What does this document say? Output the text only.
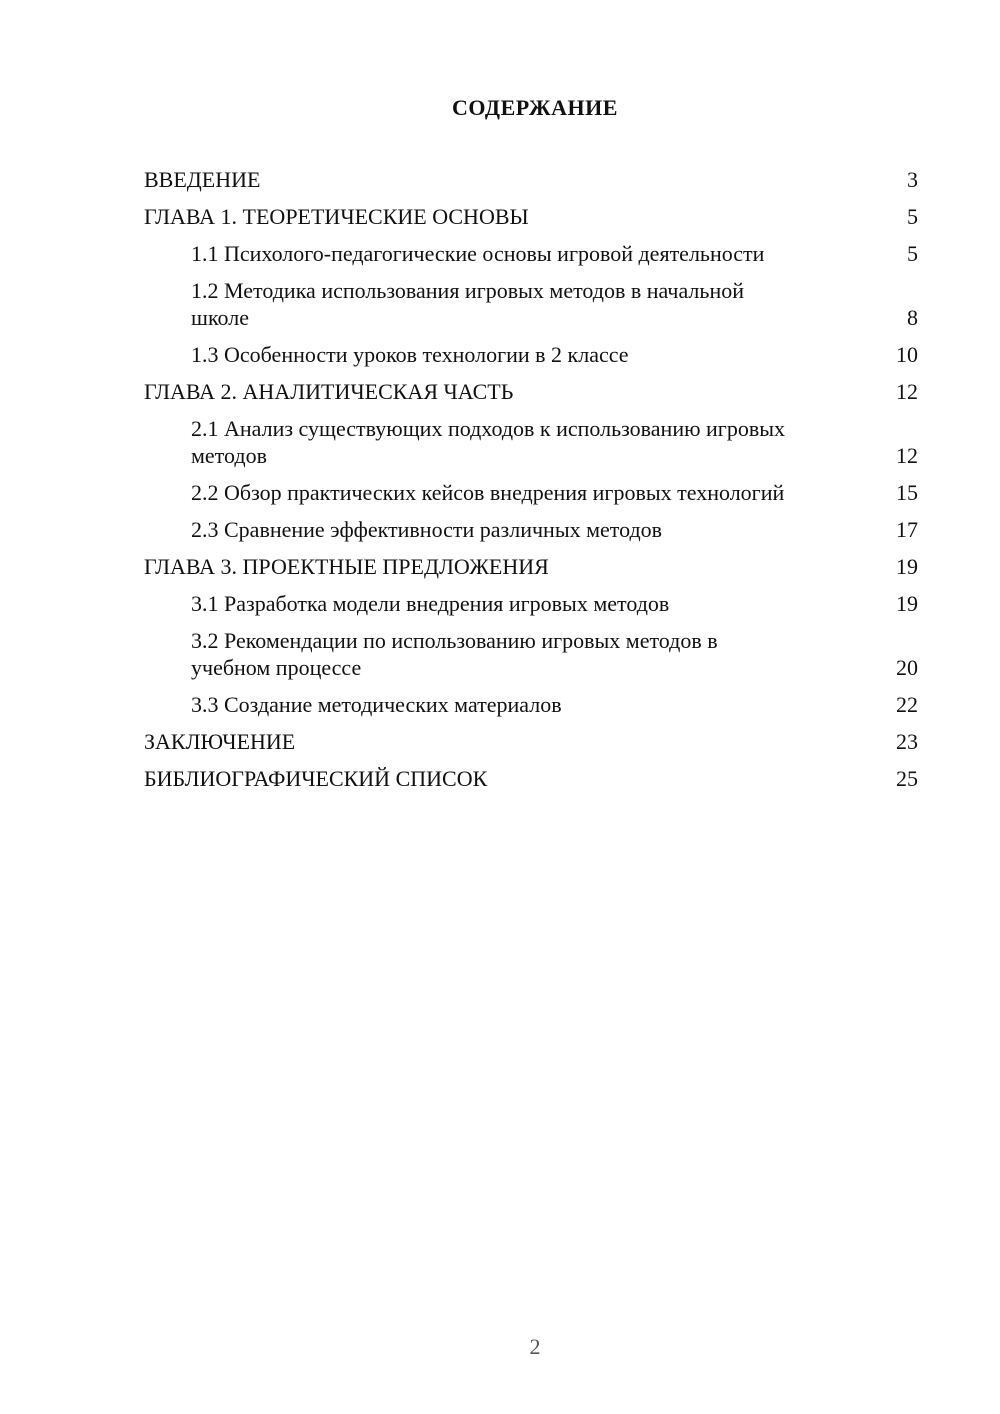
СОДЕРЖАНИЕ
ВВЕДЕНИЕ	3
ГЛАВА 1. ТЕОРЕТИЧЕСКИЕ ОСНОВЫ	5
1.1 Психолого-педагогические основы игровой деятельности	5
1.2 Методика использования игровых методов в начальной школе	8
1.3 Особенности уроков технологии в 2 классе	10
ГЛАВА 2. АНАЛИТИЧЕСКАЯ ЧАСТЬ	12
2.1 Анализ существующих подходов к использованию игровых методов	12
2.2 Обзор практических кейсов внедрения игровых технологий	15
2.3 Сравнение эффективности различных методов	17
ГЛАВА 3. ПРОЕКТНЫЕ ПРЕДЛОЖЕНИЯ	19
3.1 Разработка модели внедрения игровых методов	19
3.2 Рекомендации по использованию игровых методов в учебном процессе	20
3.3 Создание методических материалов	22
ЗАКЛЮЧЕНИЕ	23
БИБЛИОГРАФИЧЕСКИЙ СПИСОК	25
2
